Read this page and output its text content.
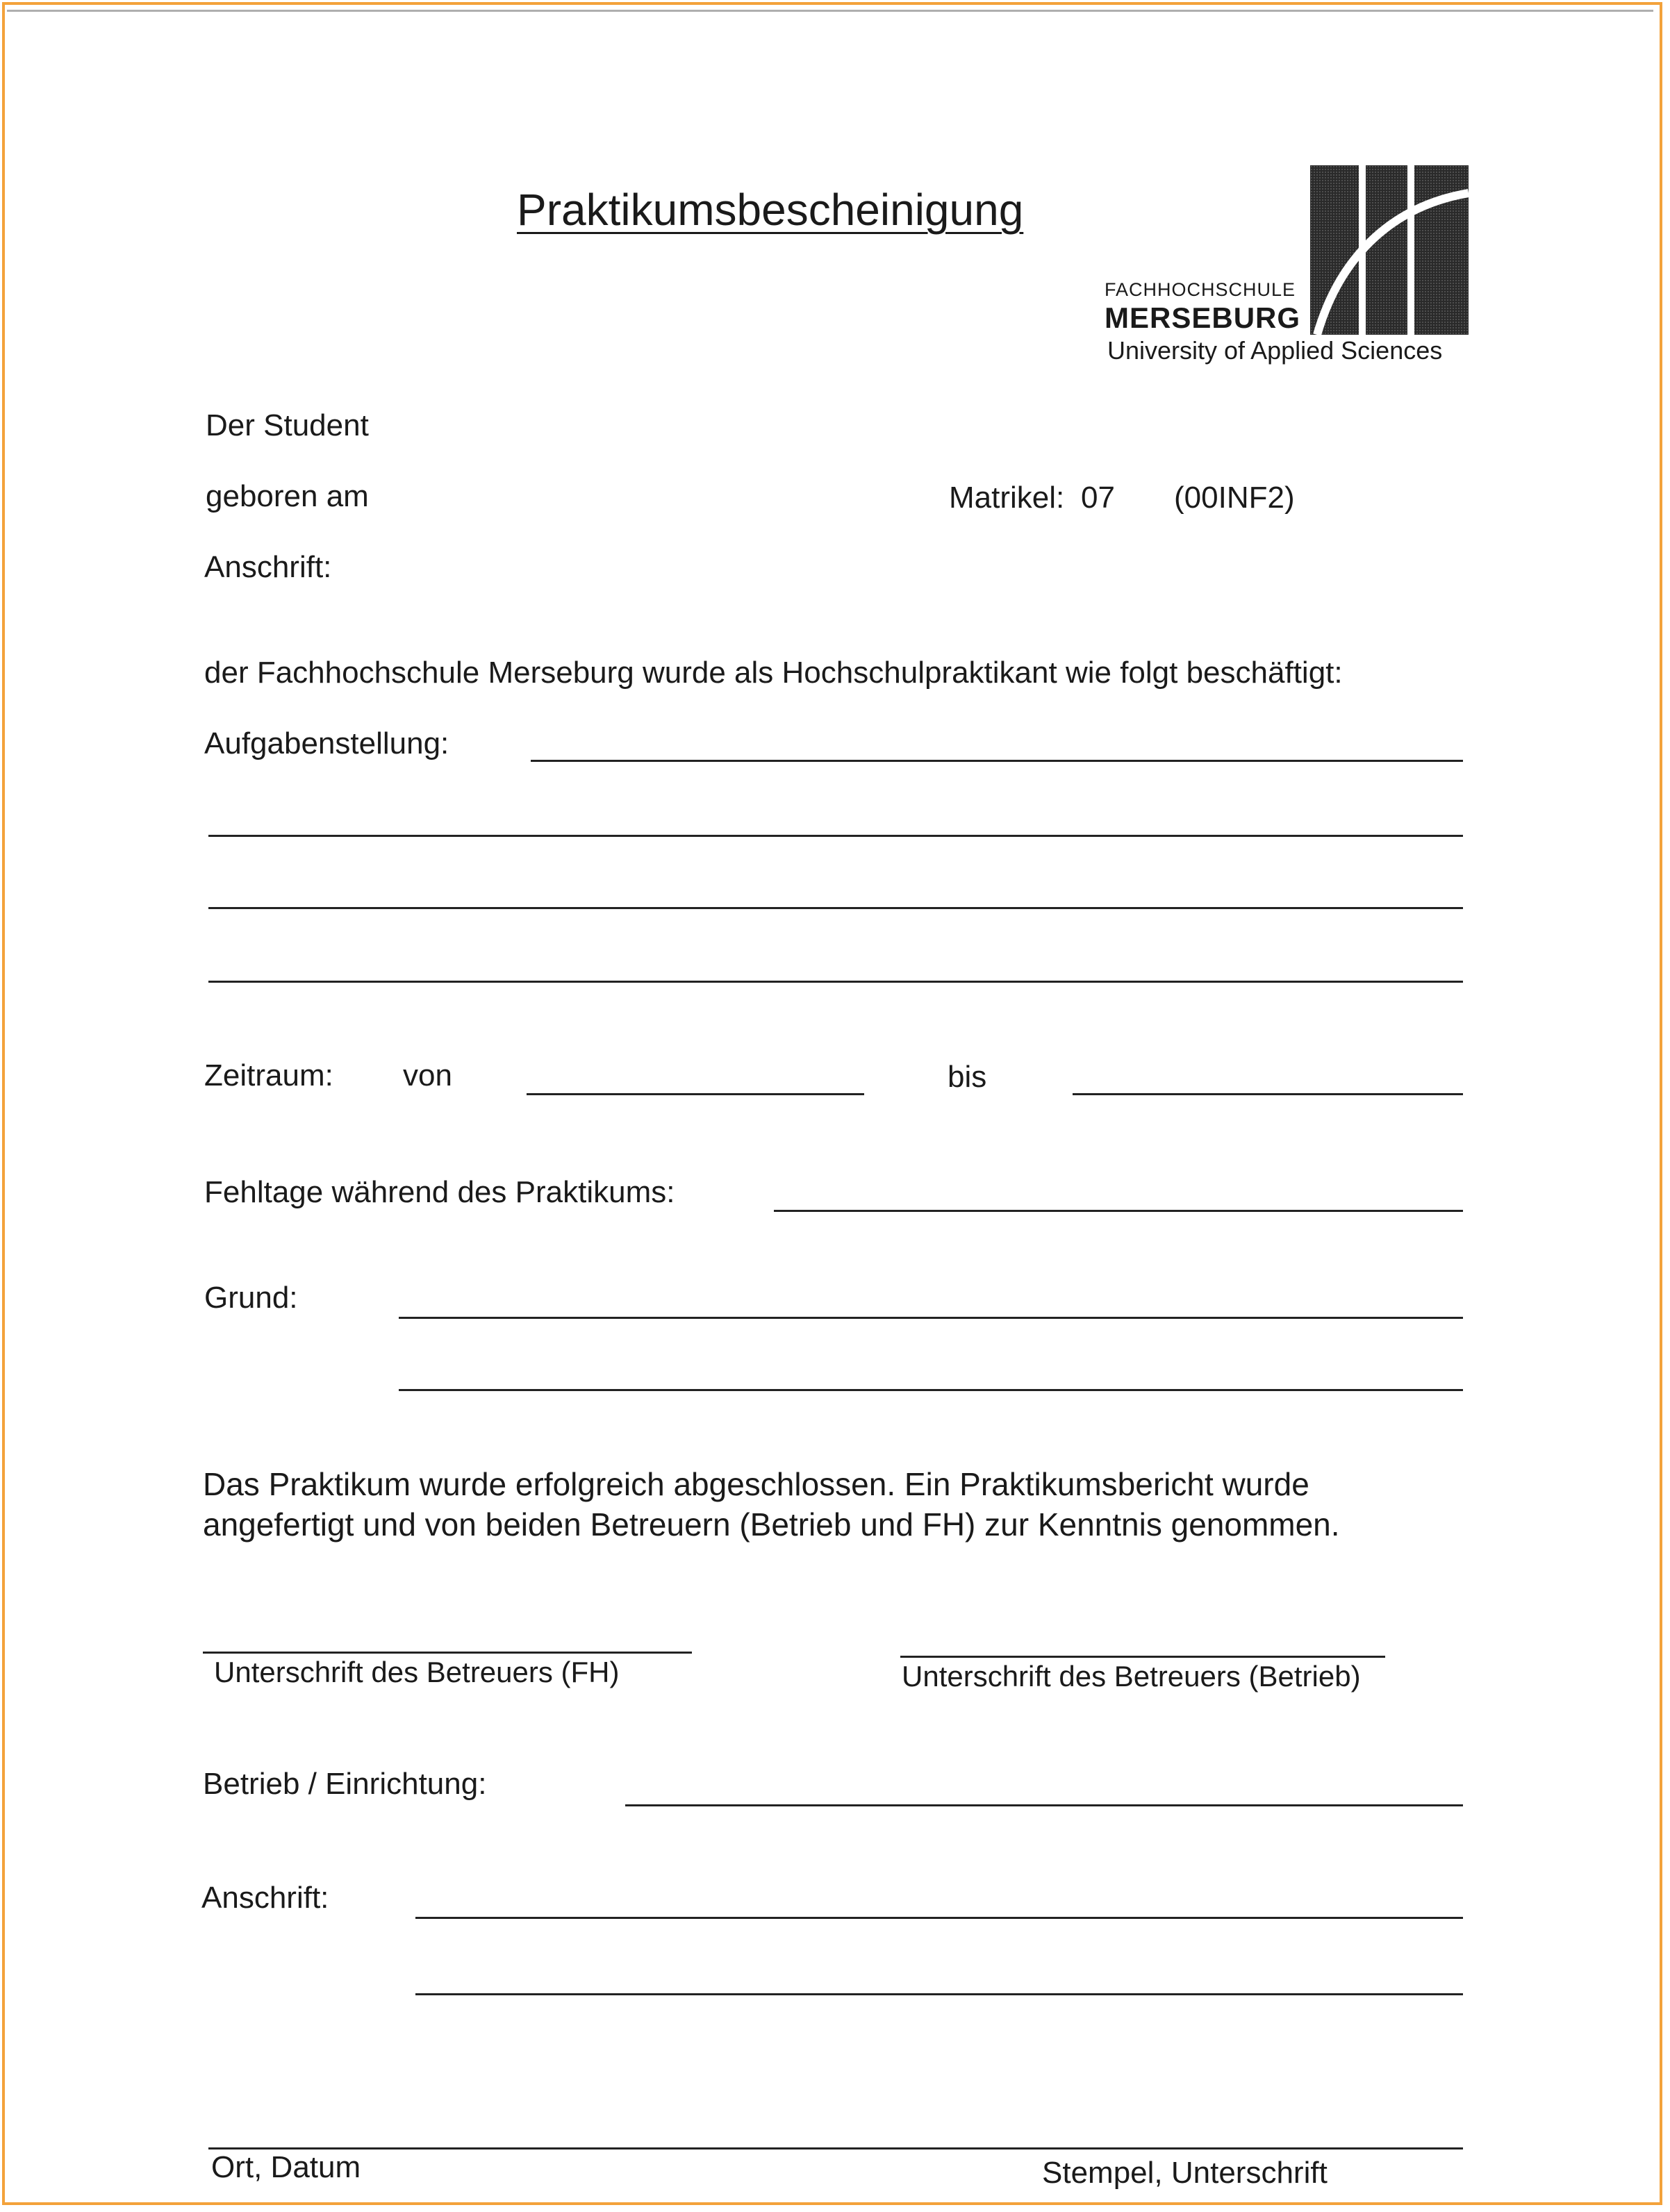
Praktikumsbescheinigung
FACHHOCHSCHULE
MERSEBURG
University of Applied Sciences
Der Student
geboren am	Matrikel: 07 (00INF2)
Anschrift:
der Fachhochschule Merseburg wurde als Hochschulpraktikant wie folgt beschäftigt:
Aufgabenstellung:
Zeitraum: von	bis
Fehltage während des Praktikums:
Grund:
Das Praktikum wurde erfolgreich abgeschlossen. Ein Praktikumsbericht wurde
angefertigt und von beiden Betreuern (Betrieb und FH) zur Kenntnis genommen.
Unterschrift des Betreuers (FH)	Unterschrift des Betreuers (Betrieb)
Betrieb / Einrichtung:
Anschrift:
Ort, Datum	Stempel, Unterschrift
